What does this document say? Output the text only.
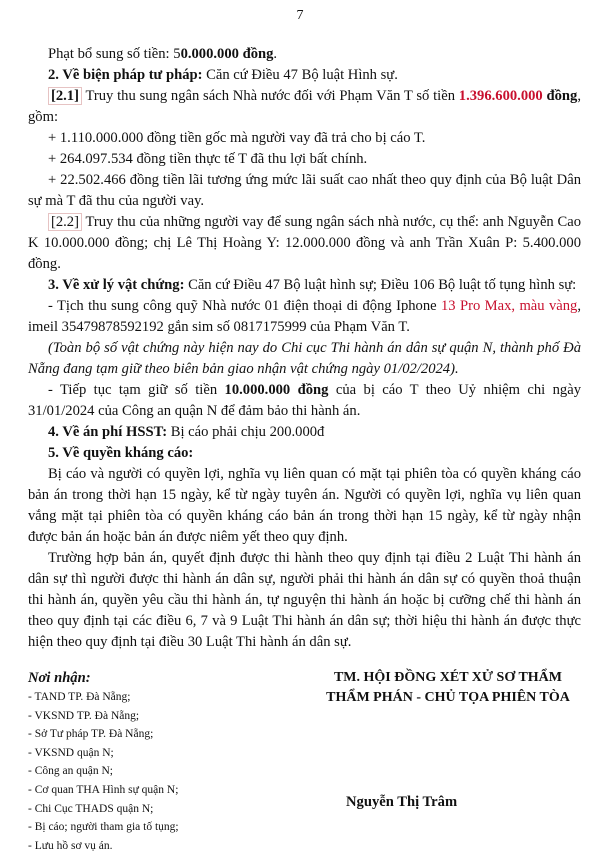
7

Phạt bổ sung số tiền: 50.000.000 đồng.

2. Về biện pháp tư pháp: Căn cứ Điều 47 Bộ luật Hình sự.

[2.1] Truy thu sung ngân sách Nhà nước đối với Phạm Văn T số tiền 1.396.600.000 đồng, gồm:

+ 1.110.000.000 đồng tiền gốc mà người vay đã trả cho bị cáo T.

+ 264.097.534 đồng tiền thực tế T đã thu lợi bất chính.

+ 22.502.466 đồng tiền lãi tương ứng mức lãi suất cao nhất theo quy định của Bộ luật Dân sự mà T đã thu của người vay.

[2.2] Truy thu của những người vay để sung ngân sách nhà nước, cụ thể: anh Nguyễn Cao K 10.000.000 đồng; chị Lê Thị Hoàng Y: 12.000.000 đồng và anh Trần Xuân P: 5.400.000 đồng.

3. Về xử lý vật chứng: Căn cứ Điều 47 Bộ luật hình sự; Điều 106 Bộ luật tố tụng hình sự:

- Tịch thu sung công quỹ Nhà nước 01 điện thoại di động Iphone 13 Pro Max, màu vàng, imeil 35479878592192 gắn sim số 0817175999 của Phạm Văn T.

(Toàn bộ số vật chứng này hiện nay do Chi cục Thi hành án dân sự quận N, thành phố Đà Nẵng đang tạm giữ theo biên bản giao nhận vật chứng ngày 01/02/2024).

- Tiếp tục tạm giữ số tiền 10.000.000 đồng của bị cáo T theo Uỷ nhiệm chi ngày 31/01/2024 của Công an quận N để đảm bảo thi hành án.

4. Về án phí HSST: Bị cáo phải chịu 200.000đ

5. Về quyền kháng cáo:

Bị cáo và người có quyền lợi, nghĩa vụ liên quan có mặt tại phiên tòa có quyền kháng cáo bản án trong thời hạn 15 ngày, kể từ ngày tuyên án. Người có quyền lợi, nghĩa vụ liên quan vắng mặt tại phiên tòa có quyền kháng cáo bản án trong thời hạn 15 ngày, kể từ ngày nhận được bản án hoặc bản án được niêm yết theo quy định.

Trường hợp bản án, quyết định được thi hành theo quy định tại điều 2 Luật Thi hành án dân sự thì người được thi hành án dân sự, người phải thi hành án dân sự có quyền thoả thuận thi hành án, quyền yêu cầu thi hành án, tự nguyện thi hành án hoặc bị cưỡng chế thi hành án theo quy định tại các điều 6, 7 và 9 Luật Thi hành án dân sự; thời hiệu thi hành án được thực hiện theo quy định tại điều 30 Luật Thi hành án dân sự.

Nơi nhận:
- TAND TP. Đà Nẵng;
- VKSND TP. Đà Nẵng;
- Sở Tư pháp TP. Đà Nẵng;
- VKSND quận N;
- Công an quận N;
- Cơ quan THA Hình sự quận N;
- Chi Cục THADS quận N;
- Bị cáo; người tham gia tố tụng;
- Lưu hồ sơ vụ án.
TM. HỘI ĐỒNG XÉT XỬ SƠ THẨM
THẨM PHÁN - CHỦ TỌA PHIÊN TÒA
Nguyễn Thị Trâm
